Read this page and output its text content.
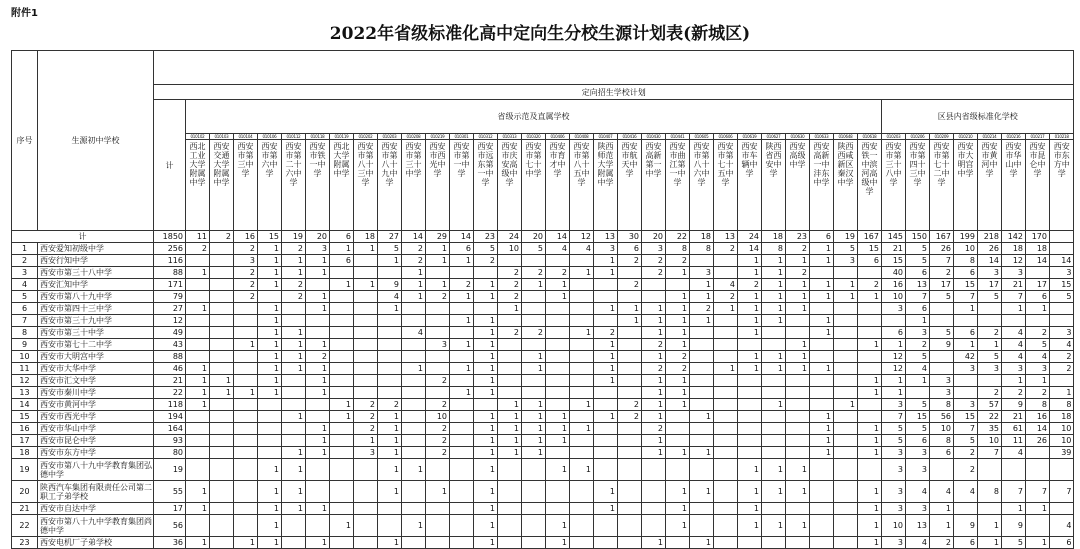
附件1
2022年省级标准化高中定向生分校生源计划表(新城区)
序号	生源初中学校																																						
		定向招生学校计划																																					
		计	省级示范及直属学校																													区县内省级标准化学校							
			010102	010103	010104	010106	010112	010118	010119	010202	010203	010208	010219	010301	010312	010313	010320	010406	010408	010407	010416	010430	010441	010605	010606	010619	010627	010630	010633	010648	010618	010203	010206	010209	010210	010214	010216	010217	010218
			西北工业大学附属中学	西安交通大学附属中学	西安市第三中学	西安市第六中学	西安市第二十六中学	西安市铁一中学	西北大学附属中学	西安市第八十三中学	西安市第八十九中学	西安市第三十中学	西安市西光中学	西安市第一中学	西安市远东第一中学	西安市庆安高级中学	西安市第七十中学	西安市育才中学	西安市第八十五中学	陕西师范大学附属中学	西安市航天中学	西安高新第一中学	西安市曲江第一中学	西安市第八十六中学	西安市第七十五中学	西安市车辆中学	陕西省西安中学	西安高级中学	西安高新一中沣东中学	陕西西咸新区秦汉中学	西安铁一中滨河高级中学	西安市第三十八中学	西安市第四十三中学	西安市第七十二中学	西安市大明宫中学	西安市黄河中学	西安市华山中学	西安市昆仑中学	西安市东方中学
计		1850	11	2	16	15	19	20	6	18	27	14	29	14	23	24	20	14	12	13	30	20	22	18	13	24	18	23	6	19	167	145	150	167	199	218	142	170	
1	西安爱知初级中学	256	2		2	1	2	3	1	1	5	2	1	6	5	10	5	4	4	3	6	3	8	8	2	14	8	2	1	5	15	21	5	26	10	26	18	18	
2	西安行知中学	116			3	1	1	1	6		1	2	1	1	2					1	2	2	2			1	1	1	1	3	6	15	5	7	8	14	12	14	14
3	西安市第三十八中学	88	1		2	1	1	1				1				2	2	2	1	1		2	1	3		1	1	2				40	6	2	6	3	3		3
4	西安汇知中学	171			2	1	2		1	1	9	1	1	2	1	2	1	1			2			1	4	2	1	1	1	1	2	16	13	17	15	17	21	17	15
5	西安市第八十九中学	79			2		2	1			4	1	2	1	1	2		1					1	1	2	1	1	1	1	1	1	10	7	5	7	5	7	6	5
6	西安市第四十三中学	27	1			1		1			1					1				1	1	1	1	2	1	1	1	1				3	6		1		1	1	
7	西安市第三十九中学	12				1								1	1						1	1	1	1		1	1		1				1						
8	西安市第三十中学	49				1	1					4			1	2	2		1	2		1	1			1			1			6	3	5	6	2	4	2	3
9	西安市第七十二中学	43			1	1	1	1					3	1	1					1		2	1					1			1	1	2	9	1	1	4	5	4
10	西安市大明宫中学	88				1	1	2							1		1			1		1	2			1	1	1				12	5		42	5	4	4	2
11	西安市大华中学	46	1			1	1	1				1		1	1		1			1		2	2		1	1	1	1	1			12	4		3	3	3	3	2
12	西安市汇文中学	21	1	1		1		1					2		1					1		1	1								1	1	1	3			1	1	
13	西安市秦川中学	22	1	1	1	1		1						1	1							1	1								1	1		3		2	2	2	1
14	西安市黄河中学	118	1						1	2	2		2			1	1		1		2	1	1				1			1		3	5	8	3	57	9	8	8
15	西安市西光中学	194					1		1	2	1		10		1	1	1	1		1	2	1		1					1			7	15	56	15	22	21	16	18
16	西安市华山中学	164						1		2	1		2		1	1	1	1	1			2							1		1	5	5	10	7	35	61	14	10
17	西安市昆仑中学	93						1		1	1		2		1	1	1	1				1							1		1	5	6	8	5	10	11	26	10
18	西安市东方中学	80					1	1		3	1		2		1	1	1					1	1	1					1		1	3	3	6	2	7	4		39
19	西安市第八十九中学教育集团弘德中学	19				1	1				1	1			1			1	1							1	1	1				3	3		2				
20	陕西汽车集团有限责任公司第二职工子弟学校	55	1			1	1				1		1		1					1			1	1		1	1	1			1	3	4	4	4	8	7	7	7
21	西安市自达中学	17	1			1	1	1							1					1			1			1					1	3	3	1			1	1	
22	西安市第八十九中学教育集团尚德中学	56				1			1			1			1			1					1			1	1	1			1	10	13	1	9	1	9		4
23	西安电机厂子弟学校	36	1		1	1		1			1				1			1				1		1							1	3	4	2	6	1	5	1	6
